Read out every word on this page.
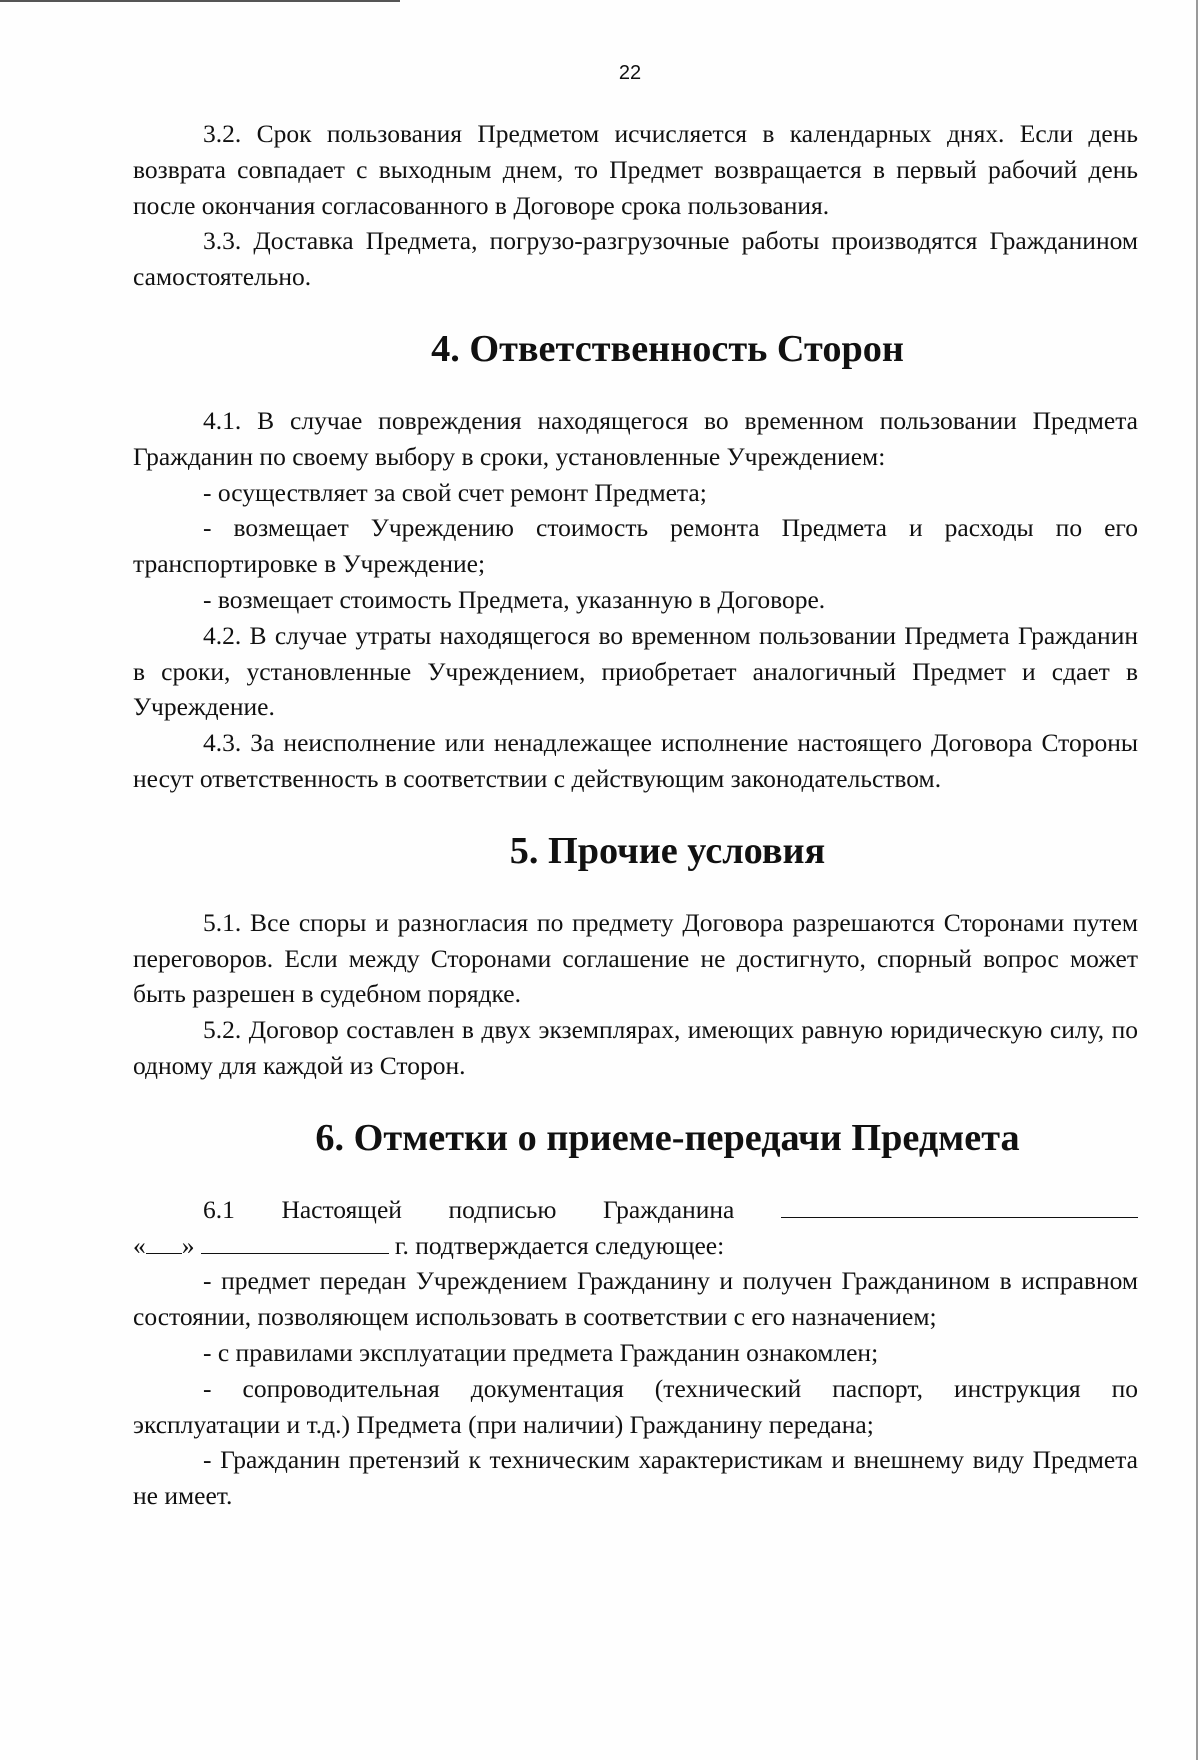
22

3.2. Срок пользования Предметом исчисляется в календарных днях. Если день возврата совпадает с выходным днем, то Предмет возвращается в первый рабочий день после окончания согласованного в Договоре срока пользования.

3.3. Доставка Предмета, погрузо-разгрузочные работы производятся Гражданином самостоятельно.

4. Ответственность Сторон

4.1. В случае повреждения находящегося во временном пользовании Предмета Гражданин по своему выбору в сроки, установленные Учреждением:

- осуществляет за свой счет ремонт Предмета;

- возмещает Учреждению стоимость ремонта Предмета и расходы по его транспортировке в Учреждение;

- возмещает стоимость Предмета, указанную в Договоре.

4.2. В случае утраты находящегося во временном пользовании Предмета Гражданин в сроки, установленные Учреждением, приобретает аналогичный Предмет и сдает в Учреждение.

4.3. За неисполнение или ненадлежащее исполнение настоящего Договора Стороны несут ответственность в соответствии с действующим законодательством.

5. Прочие условия

5.1. Все споры и разногласия по предмету Договора разрешаются Сторонами путем переговоров. Если между Сторонами соглашение не достигнуто, спорный вопрос может быть разрешен в судебном порядке.

5.2. Договор составлен в двух экземплярах, имеющих равную юридическую силу, по одному для каждой из Сторон.

6. Отметки о приеме-передачи Предмета
6.1 Настоящей подписью Гражданина

« »	г. подтверждается следующее:

- предмет передан Учреждением Гражданину и получен Гражданином в исправном состоянии, позволяющем использовать в соответствии с его назначением;

- с правилами эксплуатации предмета Гражданин ознакомлен;

- сопроводительная документация (технический паспорт, инструкция по эксплуатации и т.д.) Предмета (при наличии) Гражданину передана;

- Гражданин претензий к техническим характеристикам и внешнему виду Предмета не имеет.
